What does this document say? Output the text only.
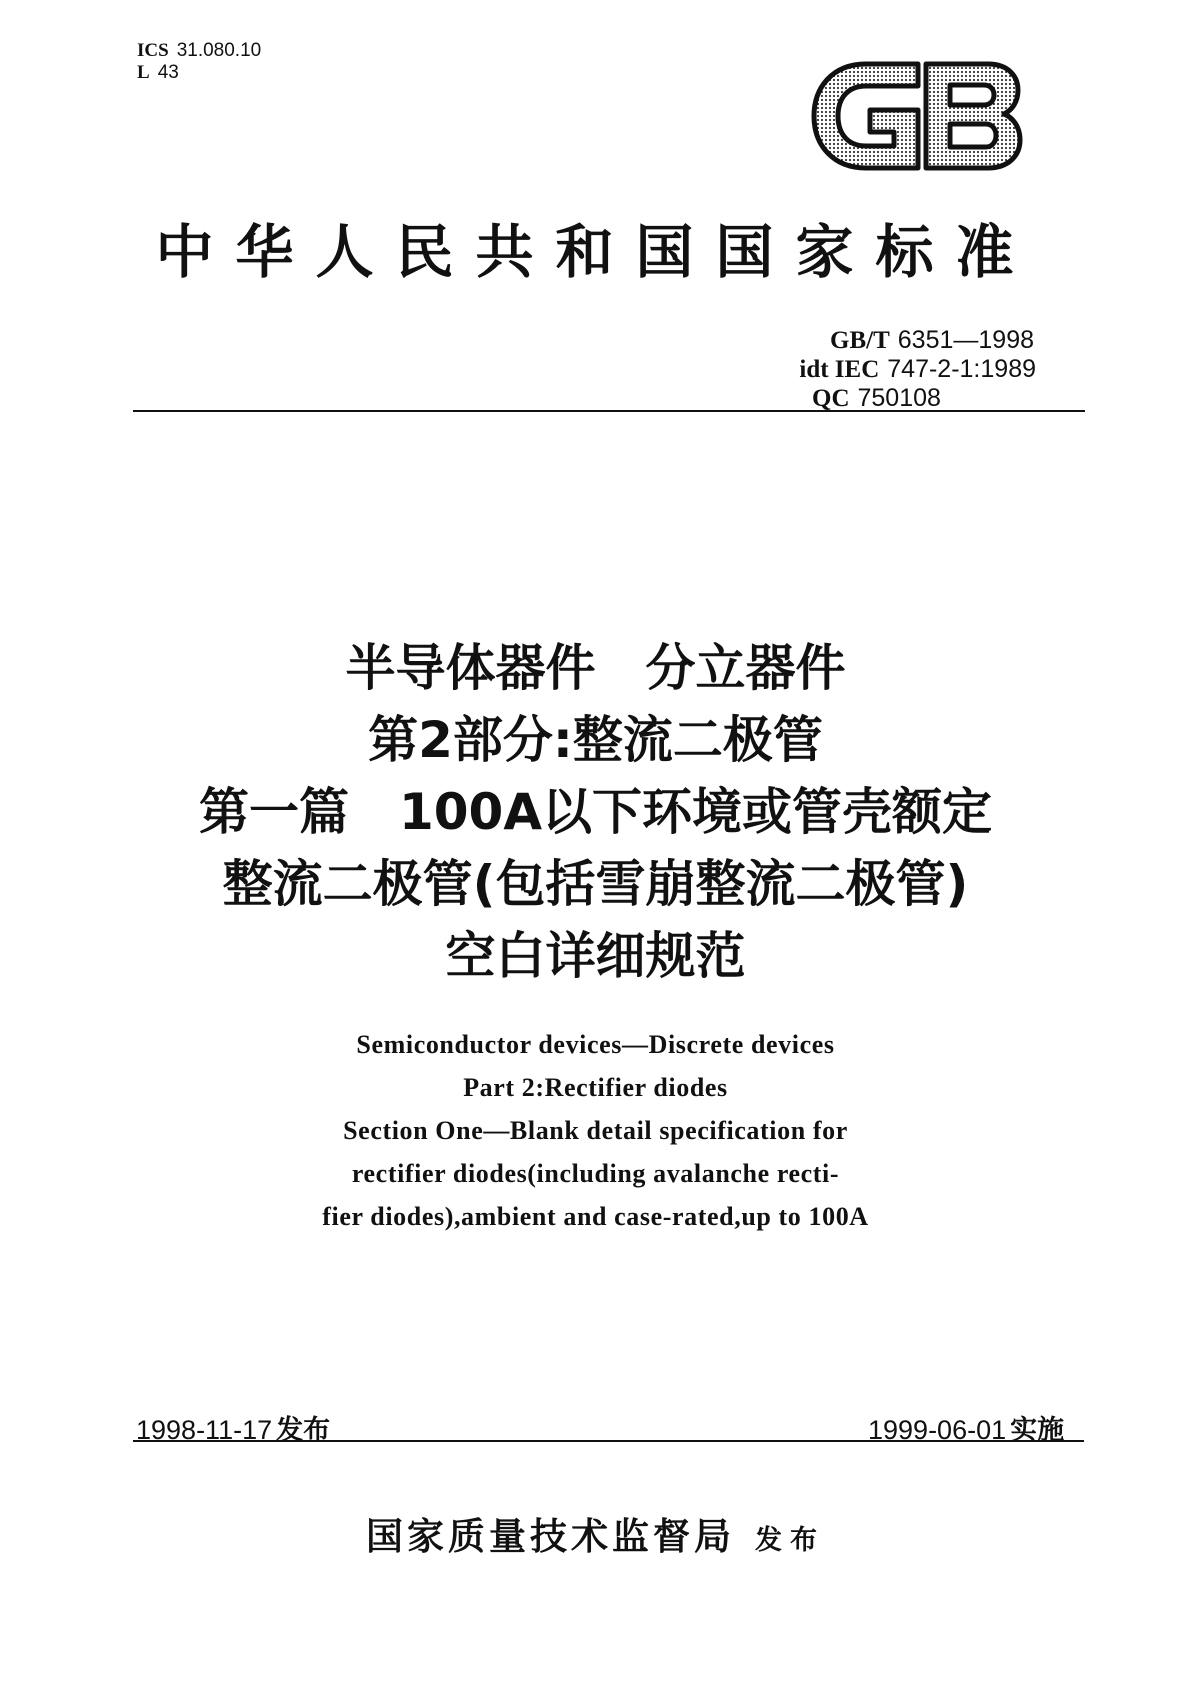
ICS 31.080.10
L 43
中华人民共和国国家标准
GB/T 6351—1998
idt IEC 747-2-1:1989
QC 750108
半导体器件　分立器件
第2部分:整流二极管
第一篇　100A以下环境或管壳额定
整流二极管(包括雪崩整流二极管)
空白详细规范
Semiconductor devices—Discrete devices
Part 2:Rectifier diodes
Section One—Blank detail specification for
rectifier diodes(including avalanche recti-
fier diodes),ambient and case-rated,up to 100A
1998-11-17 发布	1999-06-01 实施
国家质量技术监督局 发布
